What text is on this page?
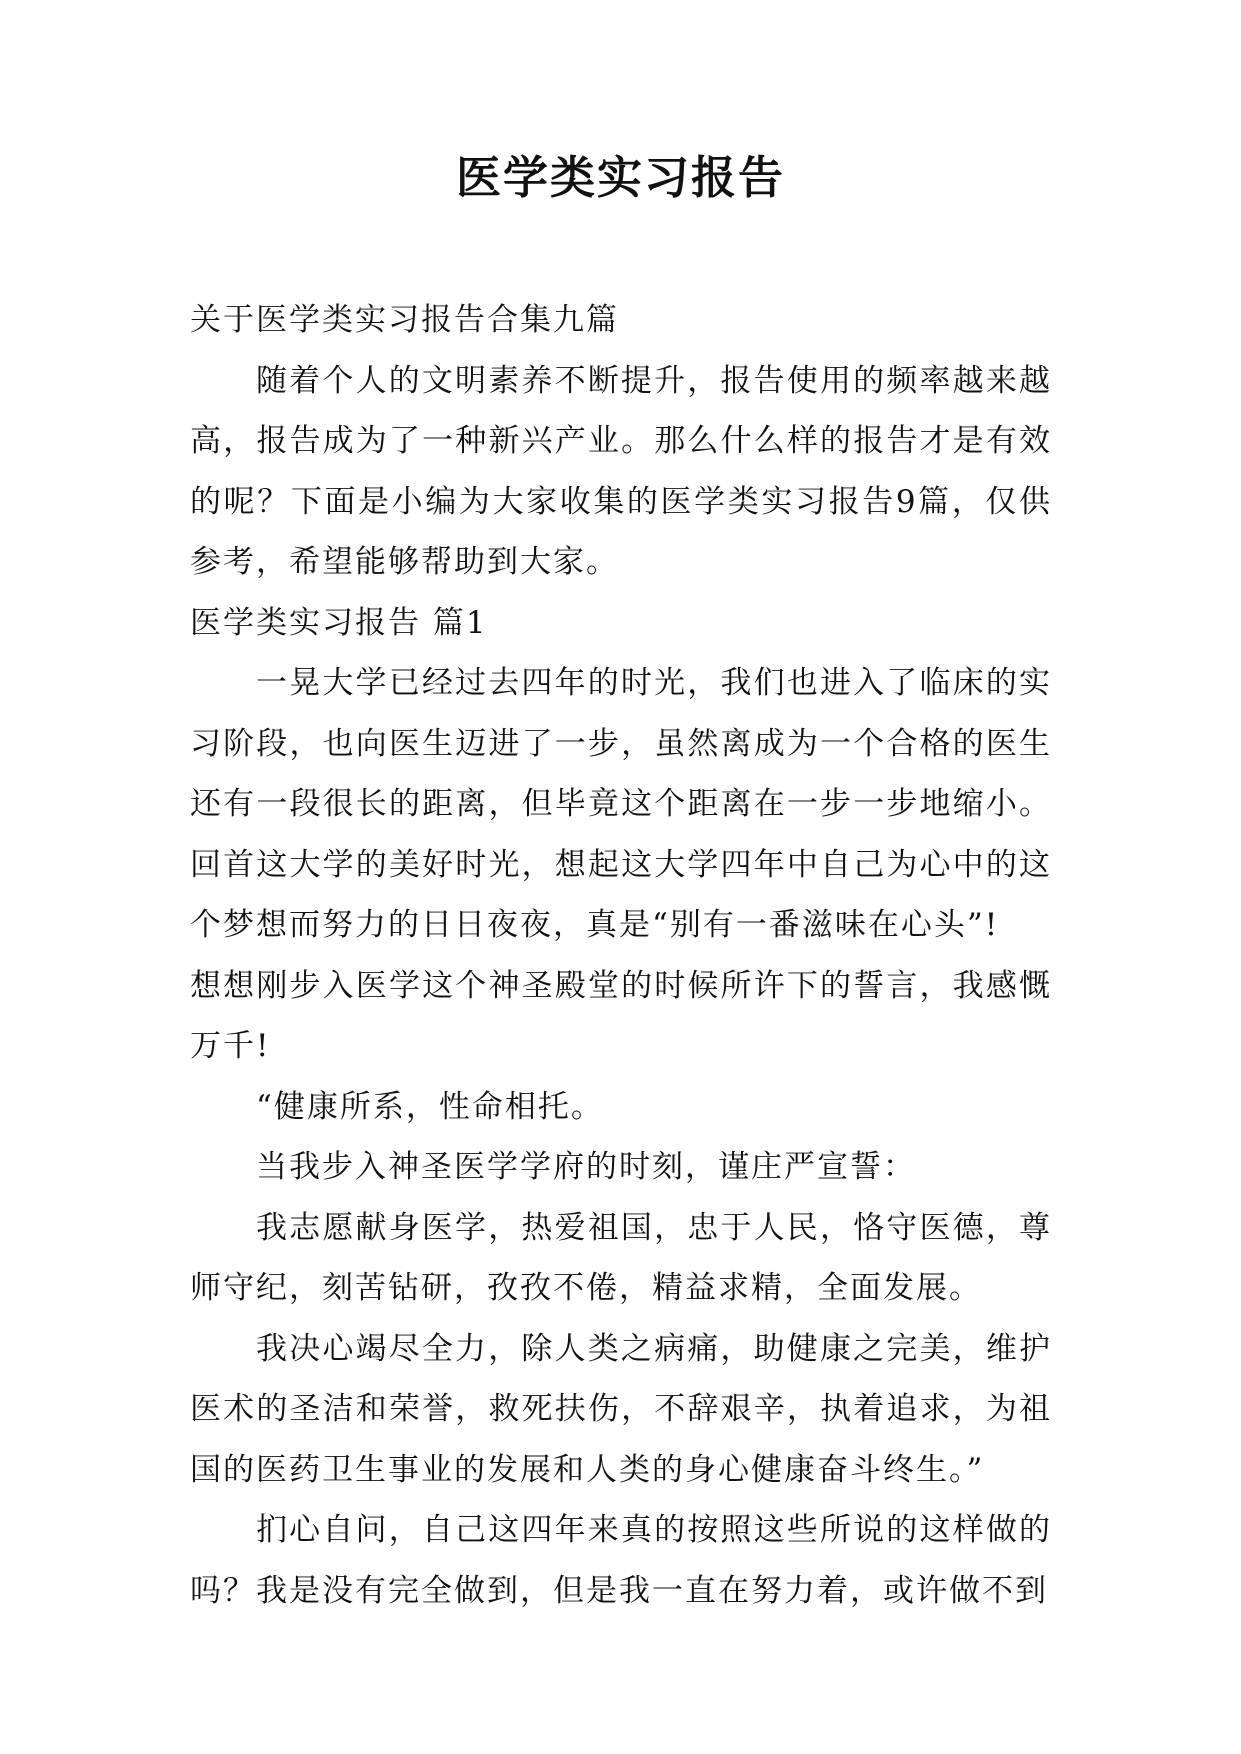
医学类实习报告

关于医学类实习报告合集九篇

随着个人的文明素养不断提升，报告使用的频率越来越高，报告成为了一种新兴产业。那么什么样的报告才是有效的呢？下面是小编为大家收集的医学类实习报告9篇，仅供参考，希望能够帮助到大家。

医学类实习报告 篇1

一晃大学已经过去四年的时光，我们也进入了临床的实习阶段，也向医生迈进了一步，虽然离成为一个合格的医生还有一段很长的距离，但毕竟这个距离在一步一步地缩小。回首这大学的美好时光，想起这大学四年中自己为心中的这个梦想而努力的日日夜夜，真是“别有一番滋味在心头”!

想想刚步入医学这个神圣殿堂的时候所许下的誓言，我感慨万千!

“健康所系，性命相托。

当我步入神圣医学学府的时刻，谨庄严宣誓：

我志愿献身医学，热爱祖国，忠于人民，恪守医德，尊师守纪，刻苦钻研，孜孜不倦，精益求精，全面发展。

我决心竭尽全力，除人类之病痛，助健康之完美，维护医术的圣洁和荣誉，救死扶伤，不辞艰辛，执着追求，为祖国的医药卫生事业的发展和人类的身心健康奋斗终生。”

扪心自问，自己这四年来真的按照这些所说的这样做的吗？我是没有完全做到，但是我一直在努力着，或许做不到
